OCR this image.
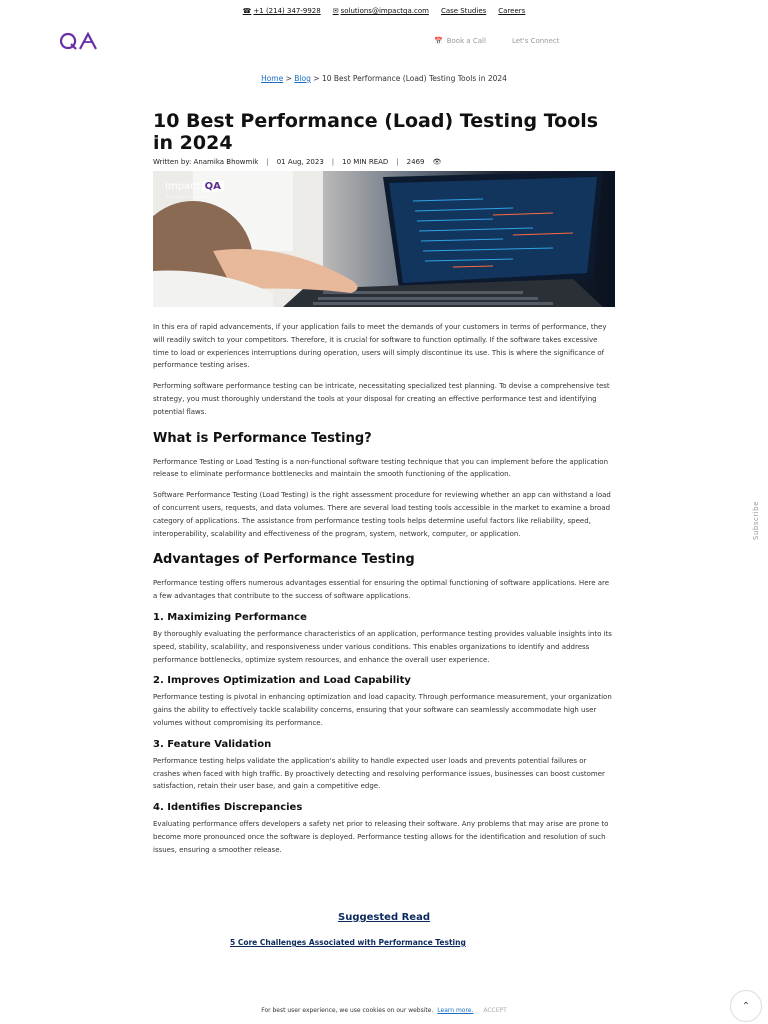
☎ +1 (214) 347-9928 ✉ solutions@impactqa.com Case Studies Careers
📅 Book a Call	Let's Connect
Home > Blog > 10 Best Performance (Load) Testing Tools in 2024
10 Best Performance (Load) Testing Tools in 2024
Written by: Anamika Bhowmik | 01 Aug, 2023 | 10 MIN READ | 2469 👁
Impact QA
QUALITY ASSURANCE

In this era of rapid advancements, if your application fails to meet the demands of your customers in terms of performance, they will readily switch to your competitors. Therefore, it is crucial for software to function optimally. If the software takes excessive time to load or experiences interruptions during operation, users will simply discontinue its use. This is where the significance of performance testing arises.

Performing software performance testing can be intricate, necessitating specialized test planning. To devise a comprehensive test strategy, you must thoroughly understand the tools at your disposal for creating an effective performance test and identifying potential flaws.

What is Performance Testing?

Performance Testing or Load Testing is a non-functional software testing technique that you can implement before the application release to eliminate performance bottlenecks and maintain the smooth functioning of the application.

Software Performance Testing (Load Testing) is the right assessment procedure for reviewing whether an app can withstand a load of concurrent users, requests, and data volumes. There are several load testing tools accessible in the market to examine a broad category of applications. The assistance from performance testing tools helps determine useful factors like reliability, speed, interoperability, scalability and effectiveness of the program, system, network, computer, or application.

Advantages of Performance Testing

Performance testing offers numerous advantages essential for ensuring the optimal functioning of software applications. Here are a few advantages that contribute to the success of software applications.

1. Maximizing Performance

By thoroughly evaluating the performance characteristics of an application, performance testing provides valuable insights into its speed, stability, scalability, and responsiveness under various conditions. This enables organizations to identify and address performance bottlenecks, optimize system resources, and enhance the overall user experience.

2. Improves Optimization and Load Capability

Performance testing is pivotal in enhancing optimization and load capacity. Through performance measurement, your organization gains the ability to effectively tackle scalability concerns, ensuring that your software can seamlessly accommodate high user volumes without compromising its performance.

3. Feature Validation

Performance testing helps validate the application's ability to handle expected user loads and prevents potential failures or crashes when faced with high traffic. By proactively detecting and resolving performance issues, businesses can boost customer satisfaction, retain their user base, and gain a competitive edge.

4. Identifies Discrepancies

Evaluating performance offers developers a safety net prior to releasing their software. Any problems that may arise are prone to become more pronounced once the software is deployed. Performance testing allows for the identification and resolution of such issues, ensuring a smoother release.

Suggested Read
5 Core Challenges Associated with Performance Testing
Subscribe
⌃
For best user experience, we use cookies on our website. Learn more. ACCEPT
